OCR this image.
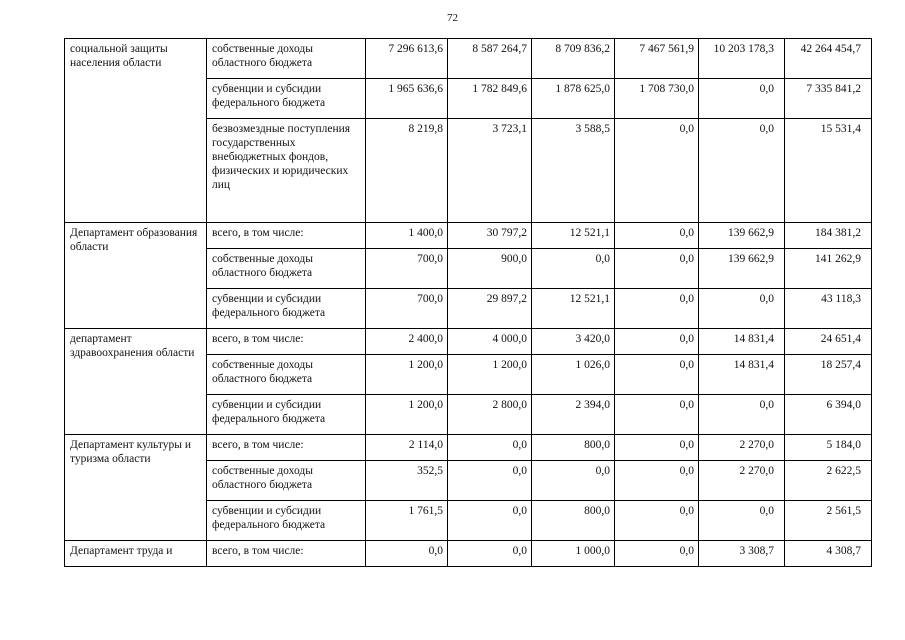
72
социальной защиты населения области	собственные доходы областного бюджета	7 296 613,6	8 587 264,7	8 709 836,2	7 467 561,9	10 203 178,3	42 264 454,7
	субвенции и субсидии федерального бюджета	1 965 636,6	1 782 849,6	1 878 625,0	1 708 730,0	0,0	7 335 841,2
	безвозмездные поступления государственных внебюджетных фондов, физических и юридических лиц	8 219,8	3 723,1	3 588,5	0,0	0,0	15 531,4
Департамент образования области	всего, в том числе:	1 400,0	30 797,2	12 521,1	0,0	139 662,9	184 381,2
	собственные доходы областного бюджета	700,0	900,0	0,0	0,0	139 662,9	141 262,9
	субвенции и субсидии федерального бюджета	700,0	29 897,2	12 521,1	0,0	0,0	43 118,3
департамент здравоохранения области	всего, в том числе:	2 400,0	4 000,0	3 420,0	0,0	14 831,4	24 651,4
	собственные доходы областного бюджета	1 200,0	1 200,0	1 026,0	0,0	14 831,4	18 257,4
	субвенции и субсидии федерального бюджета	1 200,0	2 800,0	2 394,0	0,0	0,0	6 394,0
Департамент культуры и туризма области	всего, в том числе:	2 114,0	0,0	800,0	0,0	2 270,0	5 184,0
	собственные доходы областного бюджета	352,5	0,0	0,0	0,0	2 270,0	2 622,5
	субвенции и субсидии федерального бюджета	1 761,5	0,0	800,0	0,0	0,0	2 561,5
Департамент труда и	всего, в том числе:	0,0	0,0	1 000,0	0,0	3 308,7	4 308,7
